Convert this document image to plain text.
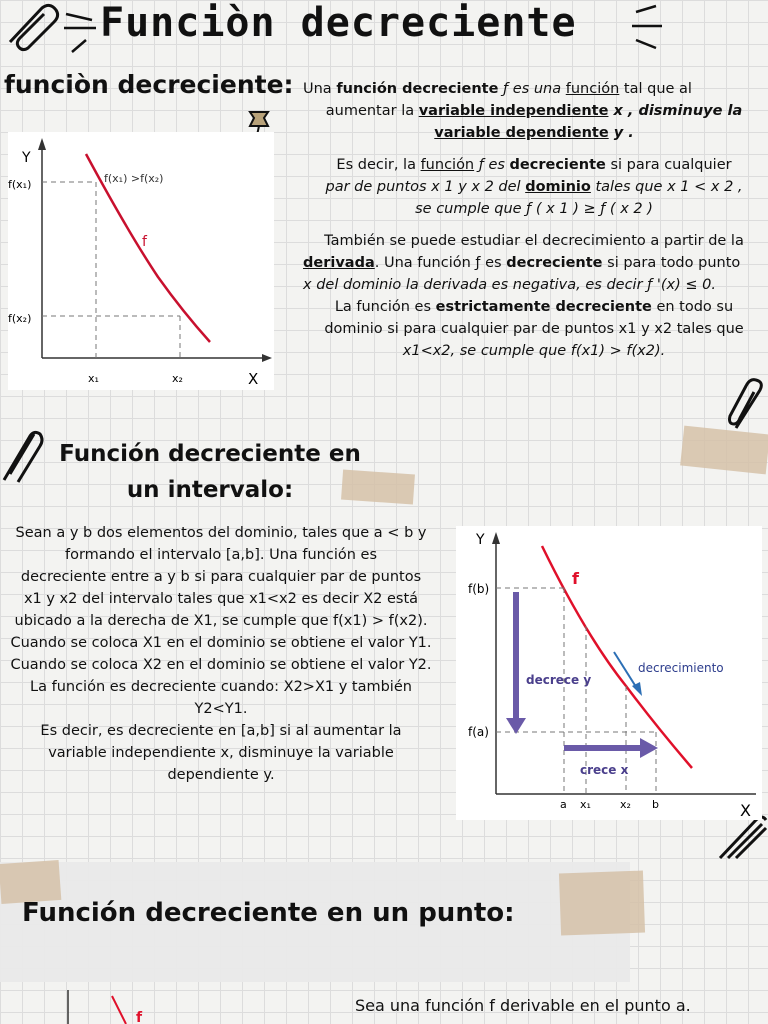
Funciòn decreciente
funciòn decreciente: Una función decreciente ƒ es una función tal que al
aumentar la variable independiente x , disminuye la
variable dependiente y .
Es decir, la función ƒ es decreciente si para cualquier
par de puntos x 1 y x 2 del dominio tales que x 1 < x 2 ,
se cumple que ƒ ( x 1 ) ≥ ƒ ( x 2 )
También se puede estudiar el decrecimiento a partir de la
derivada. Una función ƒ es decreciente si para todo punto
x del dominio la derivada es negativa, es decir ƒ '(x) ≤ 0.
La función es estrictamente decreciente en todo su
dominio si para cualquier par de puntos x1 y x2 tales que
x1<x2, se cumple que f(x1) > f(x2).
Y
X
f(x₁)
f(x₂)
x₁	x₂
f(x₁) >f(x₂)
f
Función decreciente en
un intervalo:
Sean a y b dos elementos del dominio, tales que a < b y
formando el intervalo [a,b]. Una función es
decreciente entre a y b si para cualquier par de puntos
x1 y x2 del intervalo tales que x1<x2 es decir X2 está
ubicado a la derecha de X1, se cumple que f(x1) > f(x2).
Cuando se coloca X1 en el dominio se obtiene el valor Y1.
Cuando se coloca X2 en el dominio se obtiene el valor Y2.
La función es decreciente cuando: X2>X1 y también
Y2<Y1.
Es decir, es decreciente en [a,b] si al aumentar la
variable independiente x, disminuye la variable
dependiente y.
Y
X
f(b)
f(a)
a x₁	x₂ b
f
decrece y
crece x
decrecimiento
Función decreciente en un punto:
f
Sea una función f derivable en el punto a.
